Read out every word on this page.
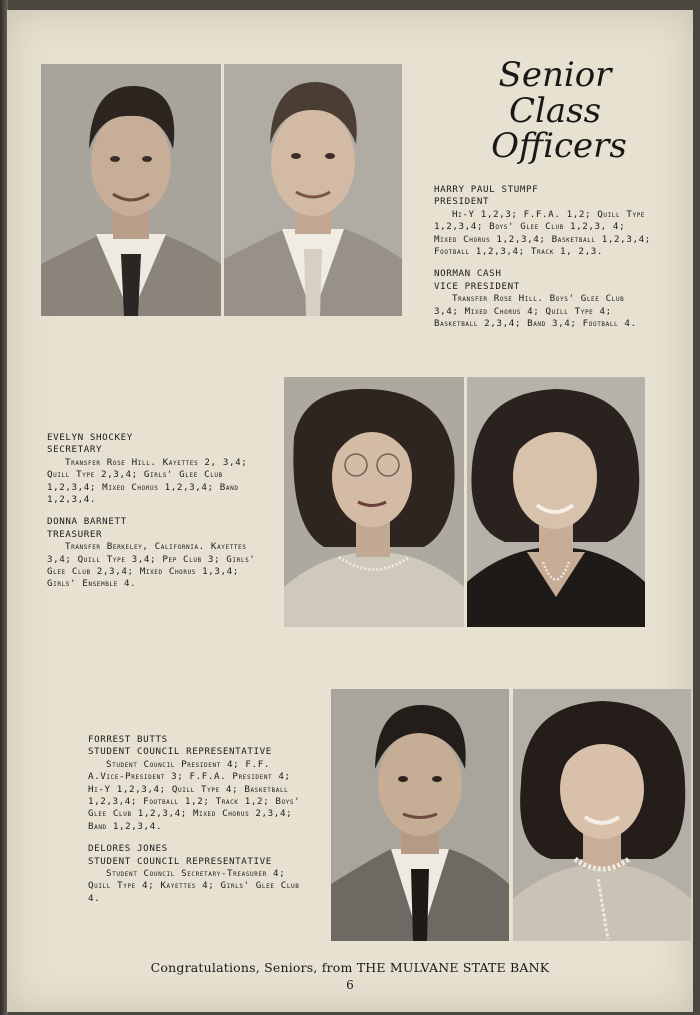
Senior Class
Officers
HARRY PAUL STUMPF
PRESIDENT
Hi-Y 1,2,3; F.F.A. 1,2; Quill Type 1,2,3,4; Boys' Glee Club 1,2,3, 4; Mixed Chorus 1,2,3,4; Basketball 1,2,3,4; Football 1,2,3,4; Track 1, 2,3.
NORMAN CASH
VICE PRESIDENT
Transfer Rose Hill. Boys' Glee Club 3,4; Mixed Chorus 4; Quill Type 4; Basketball 2,3,4; Band 3,4; Football 4.
EVELYN SHOCKEY
SECRETARY
Transfer Rose Hill. Kayettes 2, 3,4; Quill Type 2,3,4; Girls' Glee Club 1,2,3,4; Mixed Chorus 1,2,3,4; Band 1,2,3,4.
DONNA BARNETT
TREASURER
Transfer Berkeley, California. Kayettes 3,4; Quill Type 3,4; Pep Club 3; Girls' Glee Club 2,3,4; Mixed Chorus 1,3,4; Girls' Ensemble 4.
FORREST BUTTS
STUDENT COUNCIL REPRESENTATIVE
Student Council President 4; F.F. A.Vice-President 3; F.F.A. President 4; Hi-Y 1,2,3,4; Quill Type 4; Basketball 1,2,3,4; Football 1,2; Track 1,2; Boys' Glee Club 1,2,3,4; Mixed Chorus 2,3,4; Band 1,2,3,4.
DELORES JONES
STUDENT COUNCIL REPRESENTATIVE
Student Council Secretary-Treasurer 4; Quill Type 4; Kayettes 4; Girls' Glee Club 4.
Congratulations, Seniors, from THE MULVANE STATE BANK
6
